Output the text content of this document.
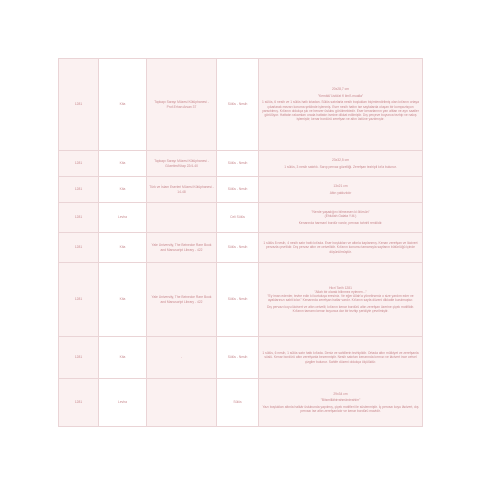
1281	Kita	Topkapı Sarayı Müzesi Kütüphanesi - Prof.Erhan Arsan 37	Sülüs - Nesih	20x28,7 cm

"Kemâlü'l-istâ'at fî ilmi'l-mualla"

1 sülüs, 6 nesih ve 1 sülüs hatlı kıtadan. Sülüs satırlarla nesih boşlukları biçimlendirilmiş olan kıt'anın ortaya çıkarlarak mezarı koruma şeklinde işlenmiş. Eser nesih hattın ise sayfalarda oluşan bir kompozisyon yansıtılmış. Kıt'anın oldukça şık ve benzer üslubu görülmektedir. Eser kenarlarının yarı alttan ve ayrı saatler görülüyor. Hattatın rakamları orada hattatın ismine dikkat edilmiştir. Dış çerçeve boyunca tezhip ve nakış işlemiştir; kenar bordürü zerefşan ve altın üstüne yazılmıştır.

1281	Kita	Topkapı Sarayı Müzesi Kütüphanesi - Gözetim/Kitap 22/4-40	Sülüs - Nesih	23x32,5 cm

1 sülüs, 3 nesih satırlık. Sarıp pervaz güzelliği. Zerefşan tezhipli kıt'a bulunur.

1281	Kita	Türk ve İslam Eserleri Müzesi Kütüphanesi - 14-48	Sülüs - Nesih	13x21 cm

Altın yaldızlıdır

1281	Levha		Celi Sülüs	"Nerde yaşadığını bilmezsen ki ölürsün"

(Ehlullah Galata Y.M.)

Kenarında harmanî bordür vardır, pervazı tahrirli renklidir.

1281	Kita	Yale University, The Beinecke Rare Book and Manuscript Library - 422	Sülüs - Nesih	1 sülüs 8 nesih, 4 nesih satır hattı kıt'ada. Eser boşlukları ve altınla kaplanmış. Kenarı zerefşan ve lâcivert pervazla çevrilidir. Dış pervaz altın ve cetvellidir. Kıt'anın konumu tamamıyla sayfanın bütünlüğü içinde düşünülmüştür.

1281	Kita	Yale University, The Beinecke Rare Book and Manuscript Library - 422	Sülüs - Nesih	Hicri Tarih 1281

"Allah bir olarak bilinmez eylenen..."

"Ey iman edenler, tevbe edin ki kurtuluşa eresiniz. Ve eğer Allah'a yönelirseniz o size yardım eder ve ayaklarınızı sabit kılar." Kenarında zerefşan hatlar vardır. Kıt'anın sayfa düzeni dikkatle kurulmuştur.

Dış pervazı koyu lâcivert ve altın cetvelli; kıt'anın kenar bordürü altın zerefşan üzerine çiçek motiflidir. Kıt'anın tamamı kenar boyunca dar bir tezhip şeridiyle çevrilmiştir.

1281	Kita	-	Sülüs - Nesih	1 sülüs, 6 nesih, 1 sülüs satır hattı kıt'ada. Deniz ve sahillerin tezhiplidir. Ortada altın mülkiyet ve zerefşanla süslü. Kenar bordürü altın zerefşanla bezenmiştir. Nesih satırları kenarında kırmızı ve lâcivert ince cetvel çizgiler bulunur. Sahife düzeni oldukça ölçülüdür.

1281	Levha		Sülüs	29x34 cm

"Biismillâhirrahmânirrahîm"

Yazı boşlukları altınla halkâr üslubunda yapılmış, çiçek motifleri ile süslenmiştir. İç pervazı koyu lâcivert, dış pervazı ise altın zerefşanlıdır ve kenar bordürü mavidir.
